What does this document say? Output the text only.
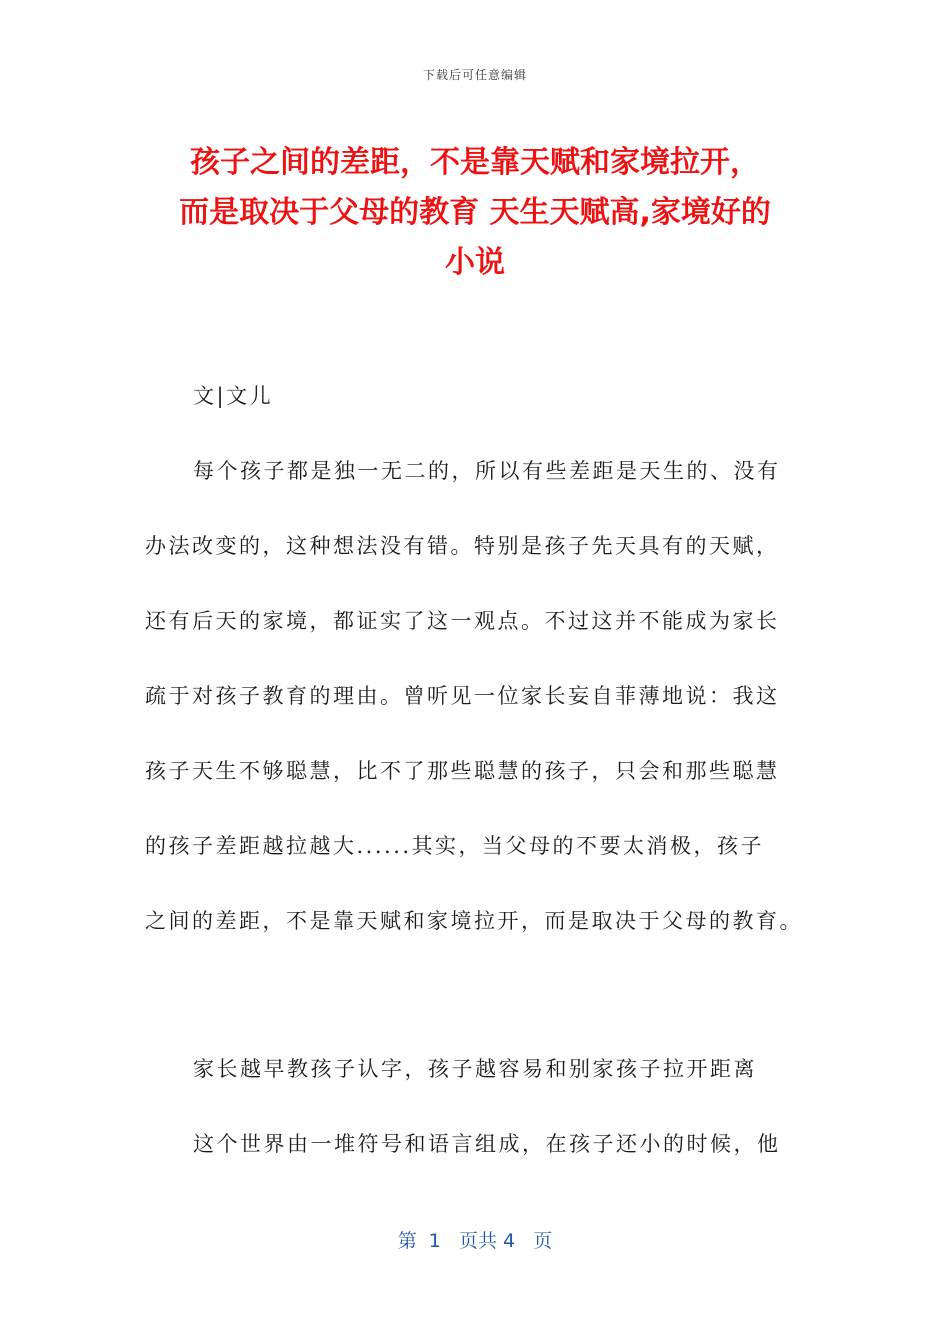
下载后可任意编辑
孩子之间的差距，不是靠天赋和家境拉开，
而是取决于父母的教育 天生天赋高,家境好的
小说
文|文儿
每个孩子都是独一无二的，所以有些差距是天生的、没有
办法改变的，这种想法没有错。特别是孩子先天具有的天赋，
还有后天的家境，都证实了这一观点。不过这并不能成为家长
疏于对孩子教育的理由。曾听见一位家长妄自菲薄地说：我这
孩子天生不够聪慧，比不了那些聪慧的孩子，只会和那些聪慧
的孩子差距越拉越大......其实，当父母的不要太消极，孩子
之间的差距，不是靠天赋和家境拉开，而是取决于父母的教育。
家长越早教孩子认字，孩子越容易和别家孩子拉开距离
这个世界由一堆符号和语言组成，在孩子还小的时候，他
第  1   页共 4   页
